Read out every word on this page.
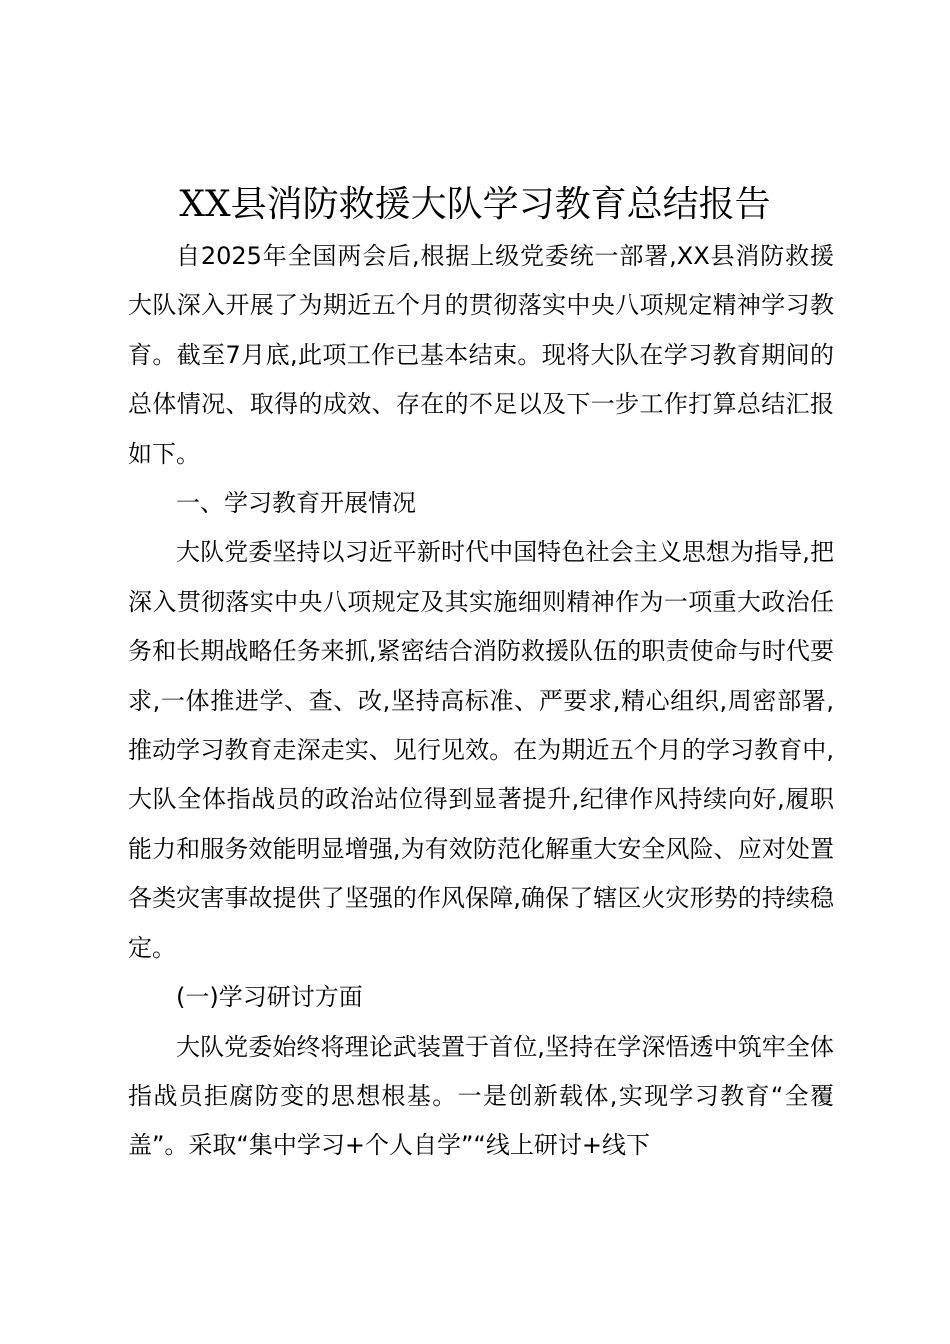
XX县消防救援大队学习教育总结报告

自2025年全国两会后,根据上级党委统一部署,XX县消防救援大队深入开展了为期近五个月的贯彻落实中央八项规定精神学习教育。截至7月底,此项工作已基本结束。现将大队在学习教育期间的总体情况、取得的成效、存在的不足以及下一步工作打算总结汇报如下。

一、学习教育开展情况

大队党委坚持以习近平新时代中国特色社会主义思想为指导,把深入贯彻落实中央八项规定及其实施细则精神作为一项重大政治任务和长期战略任务来抓,紧密结合消防救援队伍的职责使命与时代要求,一体推进学、查、改,坚持高标准、严要求,精心组织,周密部署,推动学习教育走深走实、见行见效。在为期近五个月的学习教育中,大队全体指战员的政治站位得到显著提升,纪律作风持续向好,履职能力和服务效能明显增强,为有效防范化解重大安全风险、应对处置各类灾害事故提供了坚强的作风保障,确保了辖区火灾形势的持续稳定。

(一)学习研讨方面

大队党委始终将理论武装置于首位,坚持在学深悟透中筑牢全体指战员拒腐防变的思想根基。一是创新载体,实现学习教育“全覆盖”。采取“集中学习+个人自学”“线上研讨+线下
